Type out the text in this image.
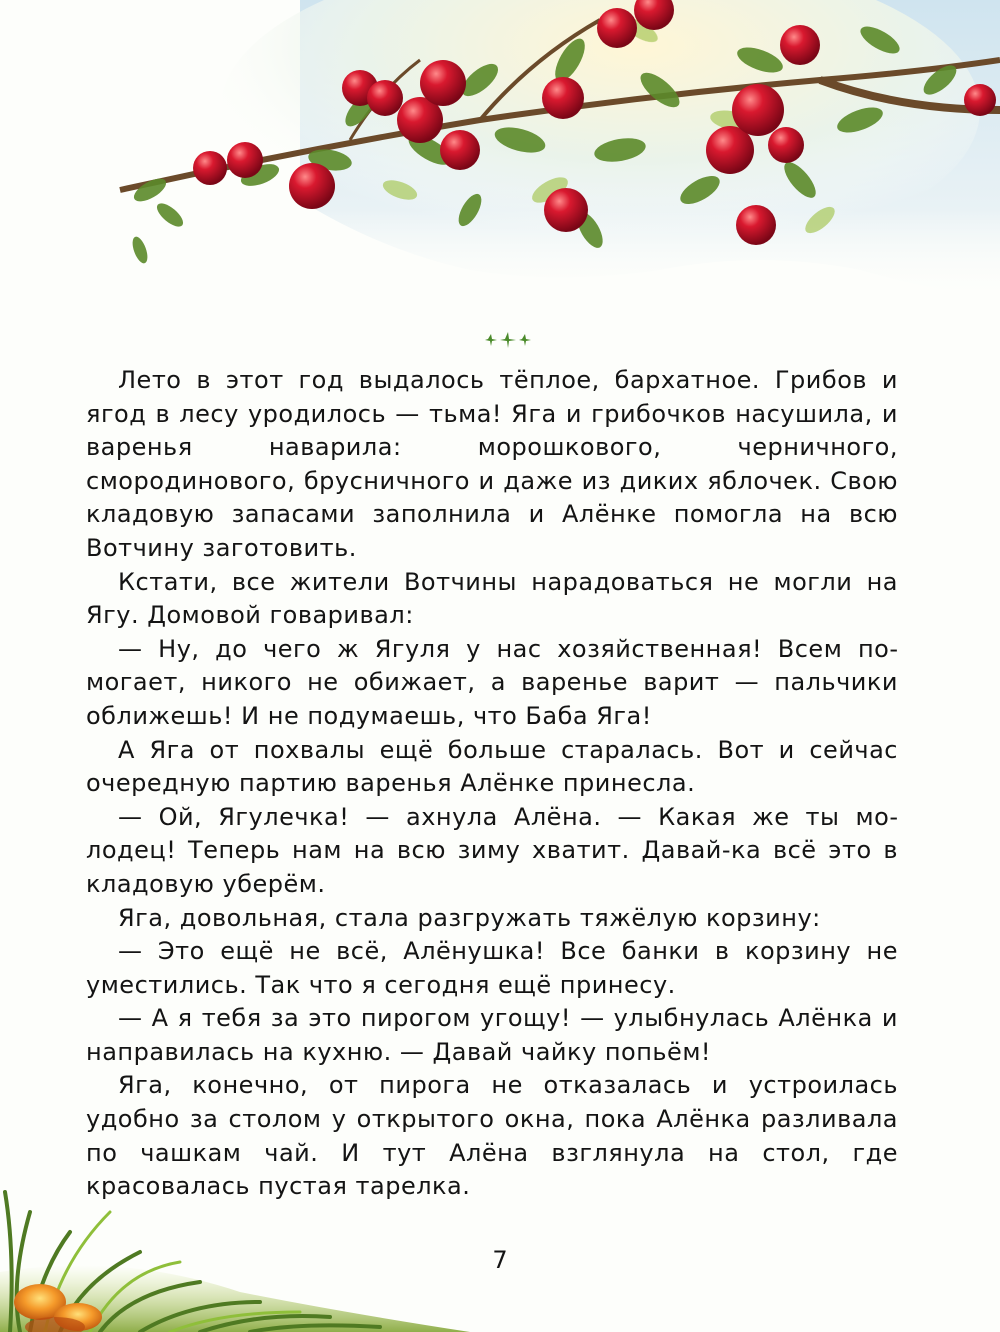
Лето в этот год выдалось тёплое, бархатное. Грибов и ягод в лесу уродилось — тьма! Яга и грибочков насушила, и варенья наварила: морошкового, черничного, смородинового, брусничного и даже из диких яблочек. Свою кладовую запасами заполнила и Алёнке помогла на всю Вотчину заготовить.

Кстати, все жители Вотчины нарадоваться не могли на Ягу. Домовой говаривал:

— Ну, до чего ж Ягуля у нас хозяйственная! Всем помогает, никого не обижает, а варенье варит — пальчики оближешь! И не подумаешь, что Баба Яга!

А Яга от похвалы ещё больше старалась. Вот и сейчас очередную партию варенья Алёнке принесла.

— Ой, Ягулечка! — ахнула Алёна. — Какая же ты молодец! Теперь нам на всю зиму хватит. Давай-ка всё это в кладовую уберём.

Яга, довольная, стала разгружать тяжёлую корзину:

— Это ещё не всё, Алёнушка! Все банки в корзину не уместились. Так что я сегодня ещё принесу.

— А я тебя за это пирогом угощу! — улыбнулась Алёнка и направилась на кухню. — Давай чайку попьём!

Яга, конечно, от пирога не отказалась и устроилась удобно за столом у открытого окна, пока Алёнка разливала по чашкам чай. И тут Алёна взглянула на стол, где красовалась пустая тарелка.

7
